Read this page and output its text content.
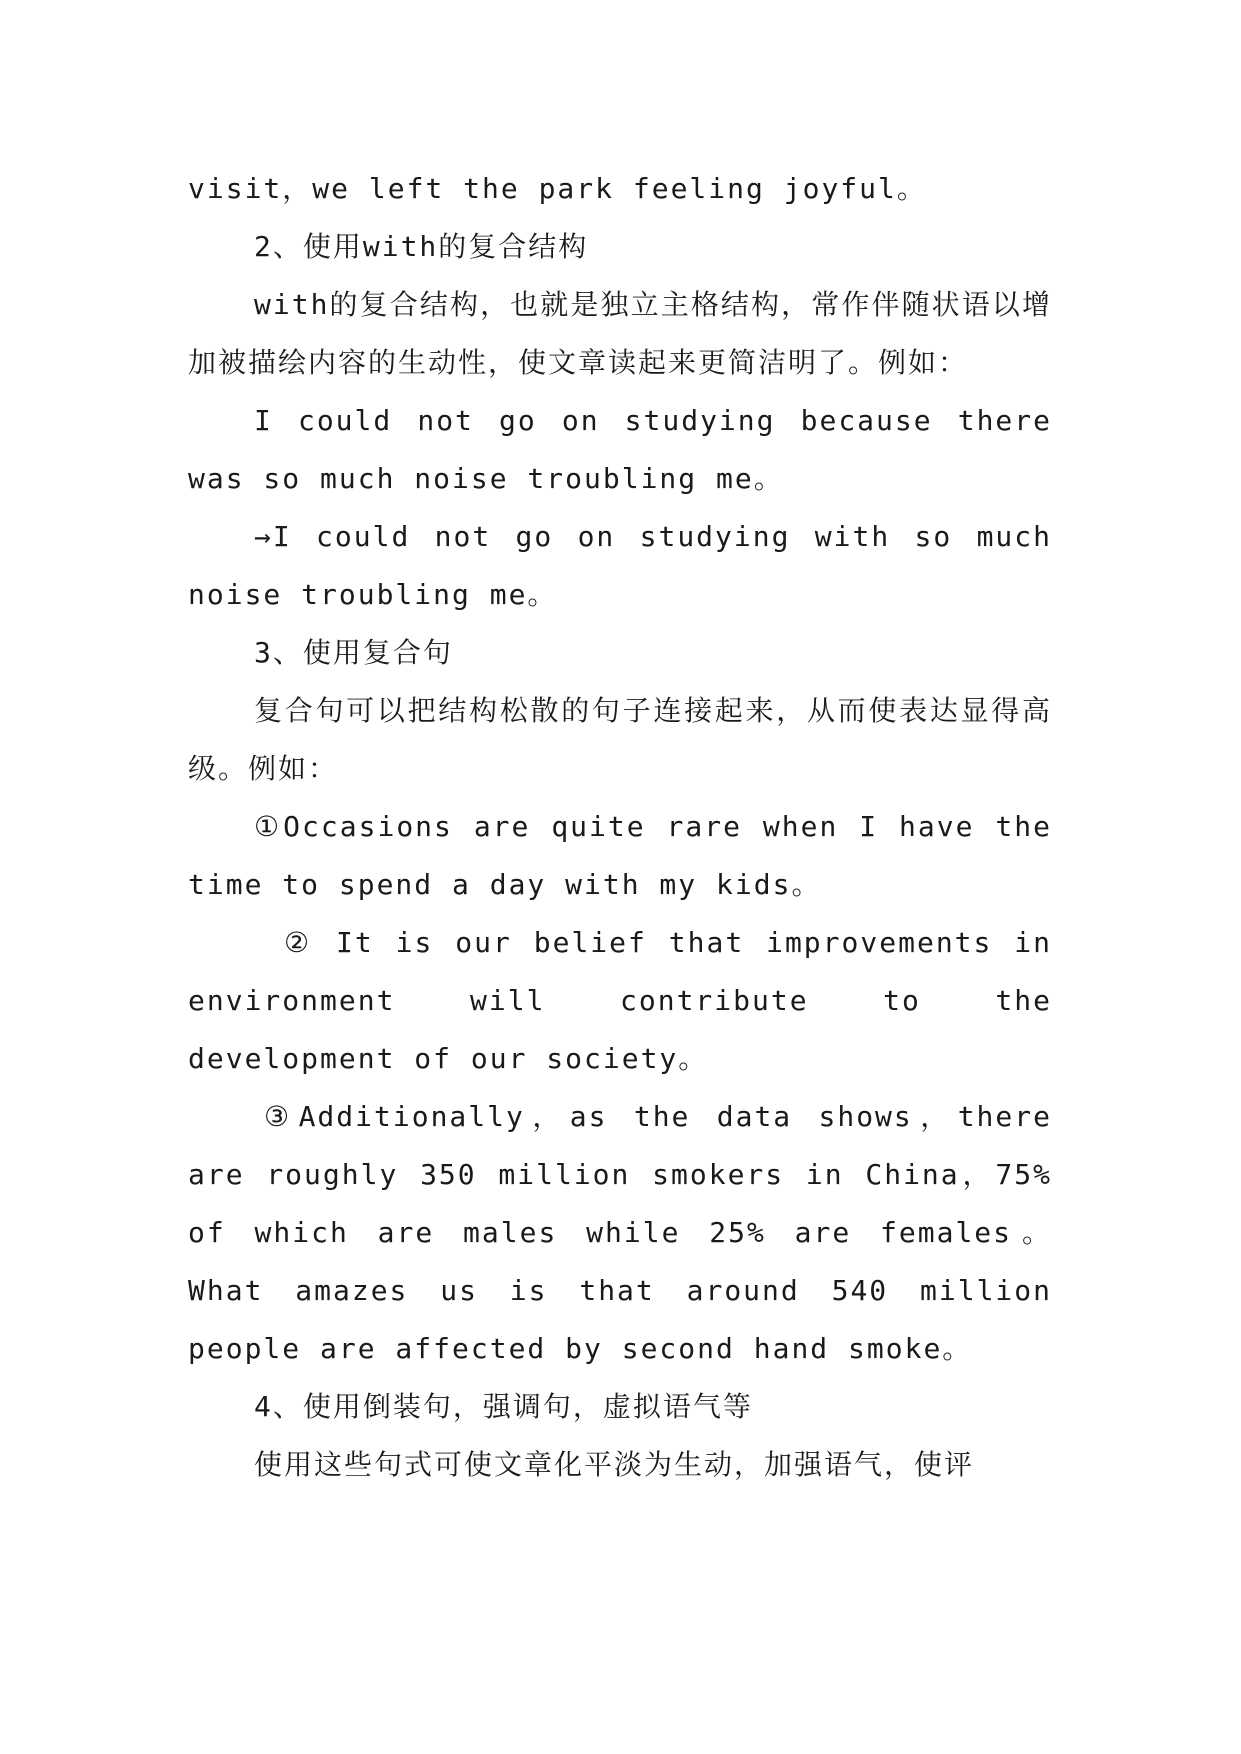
visit，we left the park feeling joyful。

2、使用with的复合结构

with的复合结构，也就是独立主格结构，常作伴随状语以增加被描绘内容的生动性，使文章读起来更简洁明了。例如：

I could not go on studying because there was so much noise troubling me。

→I could not go on studying with so much noise troubling me。

3、使用复合句

复合句可以把结构松散的句子连接起来，从而使表达显得高级。例如：

①Occasions are quite rare when I have the time to spend a day with my kids。

② It is our belief that improvements in environment will contribute to the development of our society。

③Additionally，as the data shows，there are roughly 350 million smokers in China，75% of which are males while 25% are females。 What amazes us is that around 540 million people are affected by second hand smoke。

4、使用倒装句，强调句，虚拟语气等

使用这些句式可使文章化平淡为生动，加强语气，使评
